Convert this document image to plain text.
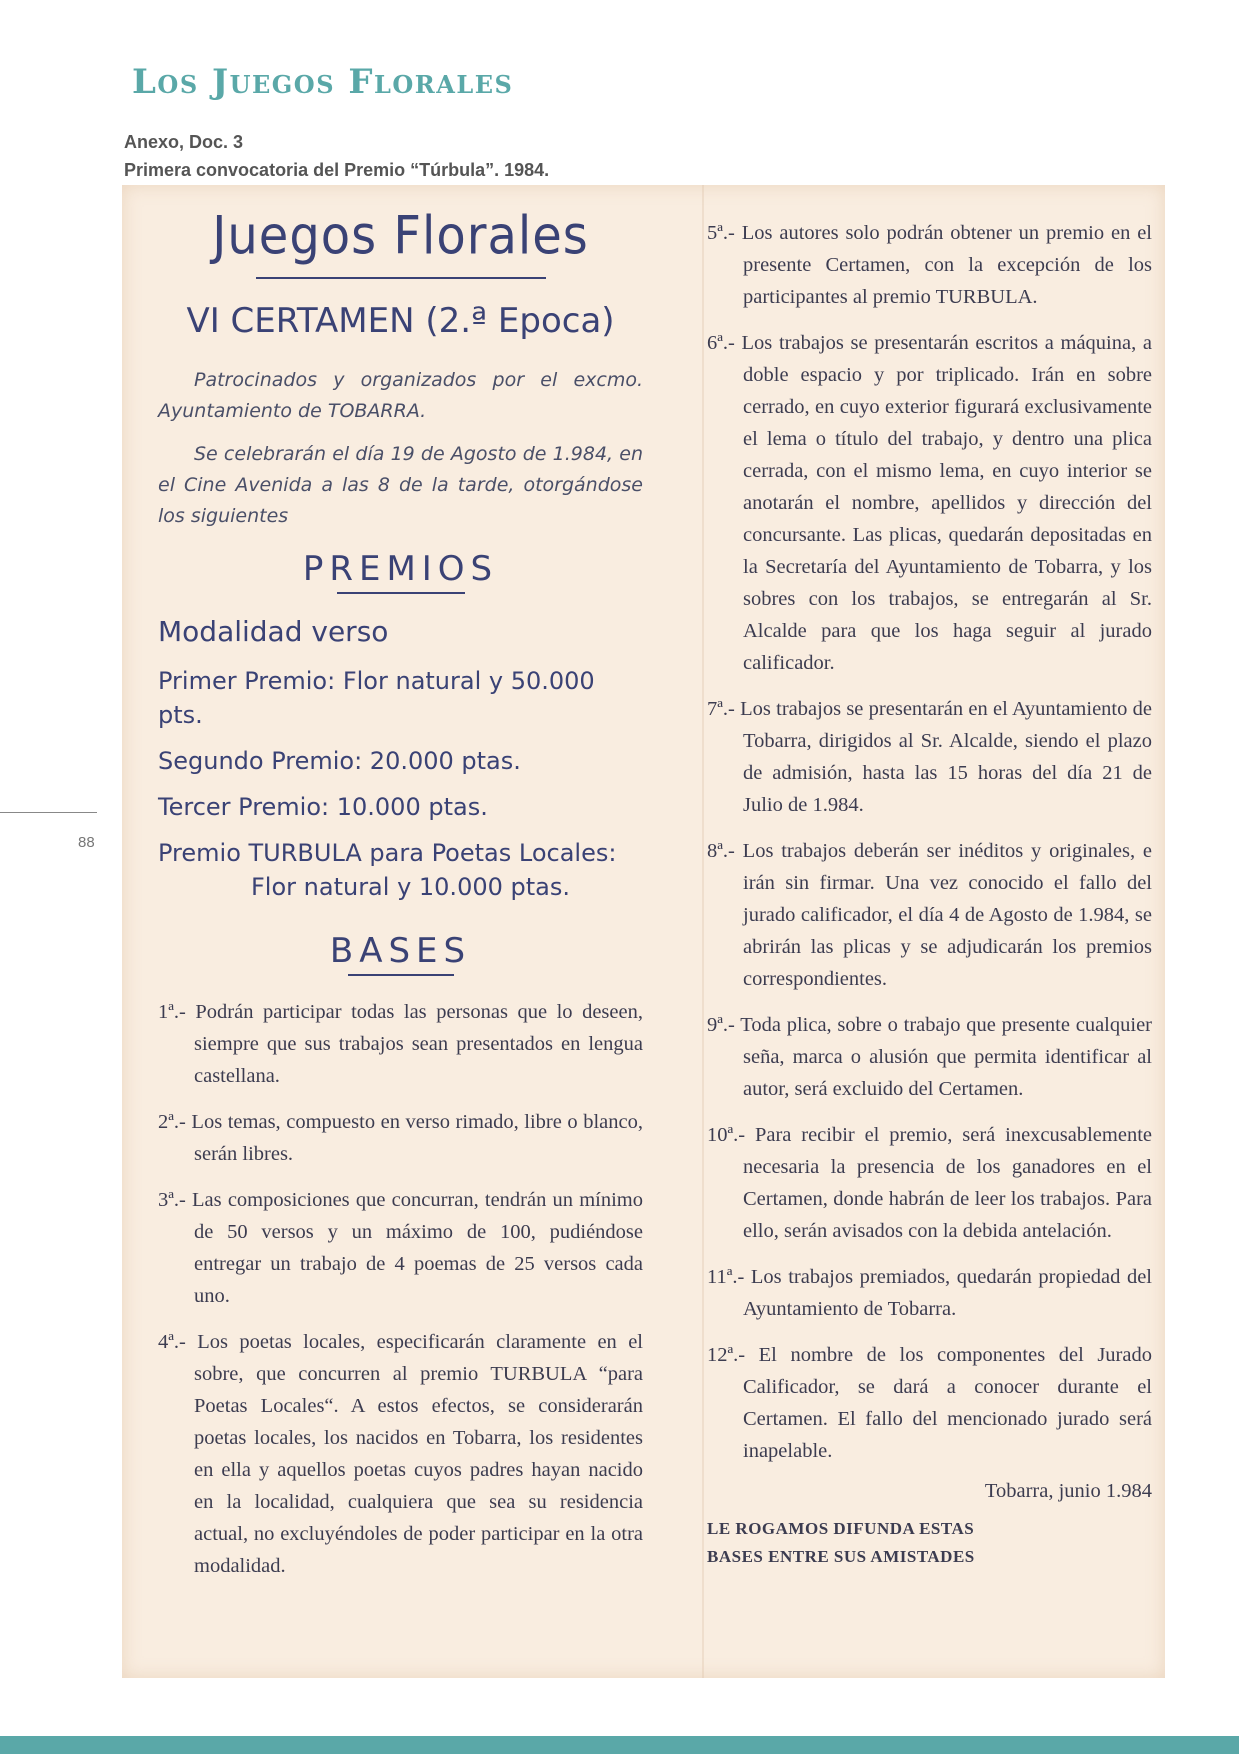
Los Juegos Florales
Anexo, Doc. 3
Primera convocatoria del Premio “Túrbula”. 1984.
88
Juegos Florales
VI CERTAMEN (2.ª Epoca)

Patrocinados y organizados por el excmo. Ayuntamiento de TOBARRA.

Se celebrarán el día 19 de Agosto de 1.984, en el Cine Avenida a las 8 de la tarde, otorgándose los siguientes

PREMIOS
Modalidad verso
Primer Premio: Flor natural y 50.000 pts.
Segundo Premio: 20.000 ptas.
Tercer Premio: 10.000 ptas.
Premio TURBULA para Poetas Locales:
Flor natural y 10.000 ptas.
BASES
1ª.- Podrán participar todas las personas que lo deseen, siempre que sus trabajos sean presentados en lengua castellana.
2ª.- Los temas, compuesto en verso rimado, libre o blanco, serán libres.
3ª.- Las composiciones que concurran, tendrán un mínimo de 50 versos y un máximo de 100, pudiéndose entregar un trabajo de 4 poemas de 25 versos cada uno.
4ª.- Los poetas locales, especificarán claramente en el sobre, que concurren al premio TURBULA “para Poetas Locales“. A estos efectos, se considerarán poetas locales, los nacidos en Tobarra, los residentes en ella y aquellos poetas cuyos padres hayan nacido en la localidad, cualquiera que sea su residencia actual, no excluyéndoles de poder participar en la otra modalidad.
5ª.- Los autores solo podrán obtener un premio en el presente Certamen, con la excepción de los participantes al premio TURBULA.
6ª.- Los trabajos se presentarán escritos a máquina, a doble espacio y por triplicado. Irán en sobre cerrado, en cuyo exterior figurará exclusivamente el lema o título del trabajo, y dentro una plica cerrada, con el mismo lema, en cuyo interior se anotarán el nombre, apellidos y dirección del concursante. Las plicas, quedarán depositadas en la Secretaría del Ayuntamiento de Tobarra, y los sobres con los trabajos, se entregarán al Sr. Alcalde para que los haga seguir al jurado calificador.
7ª.- Los trabajos se presentarán en el Ayuntamiento de Tobarra, dirigidos al Sr. Alcalde, siendo el plazo de admisión, hasta las 15 horas del día 21 de Julio de 1.984.
8ª.- Los trabajos deberán ser inéditos y originales, e irán sin firmar. Una vez conocido el fallo del jurado calificador, el día 4 de Agosto de 1.984, se abrirán las plicas y se adjudicarán los premios correspondientes.
9ª.- Toda plica, sobre o trabajo que presente cualquier seña, marca o alusión que permita identificar al autor, será excluido del Certamen.
10ª.- Para recibir el premio, será inexcusablemente necesaria la presencia de los ganadores en el Certamen, donde habrán de leer los trabajos. Para ello, serán avisados con la debida antelación.
11ª.- Los trabajos premiados, quedarán propiedad del Ayuntamiento de Tobarra.
12ª.- El nombre de los componentes del Jurado Calificador, se dará a conocer durante el Certamen. El fallo del mencionado jurado será inapelable.
Tobarra, junio 1.984
LE ROGAMOS DIFUNDA ESTAS
BASES ENTRE SUS AMISTADES
